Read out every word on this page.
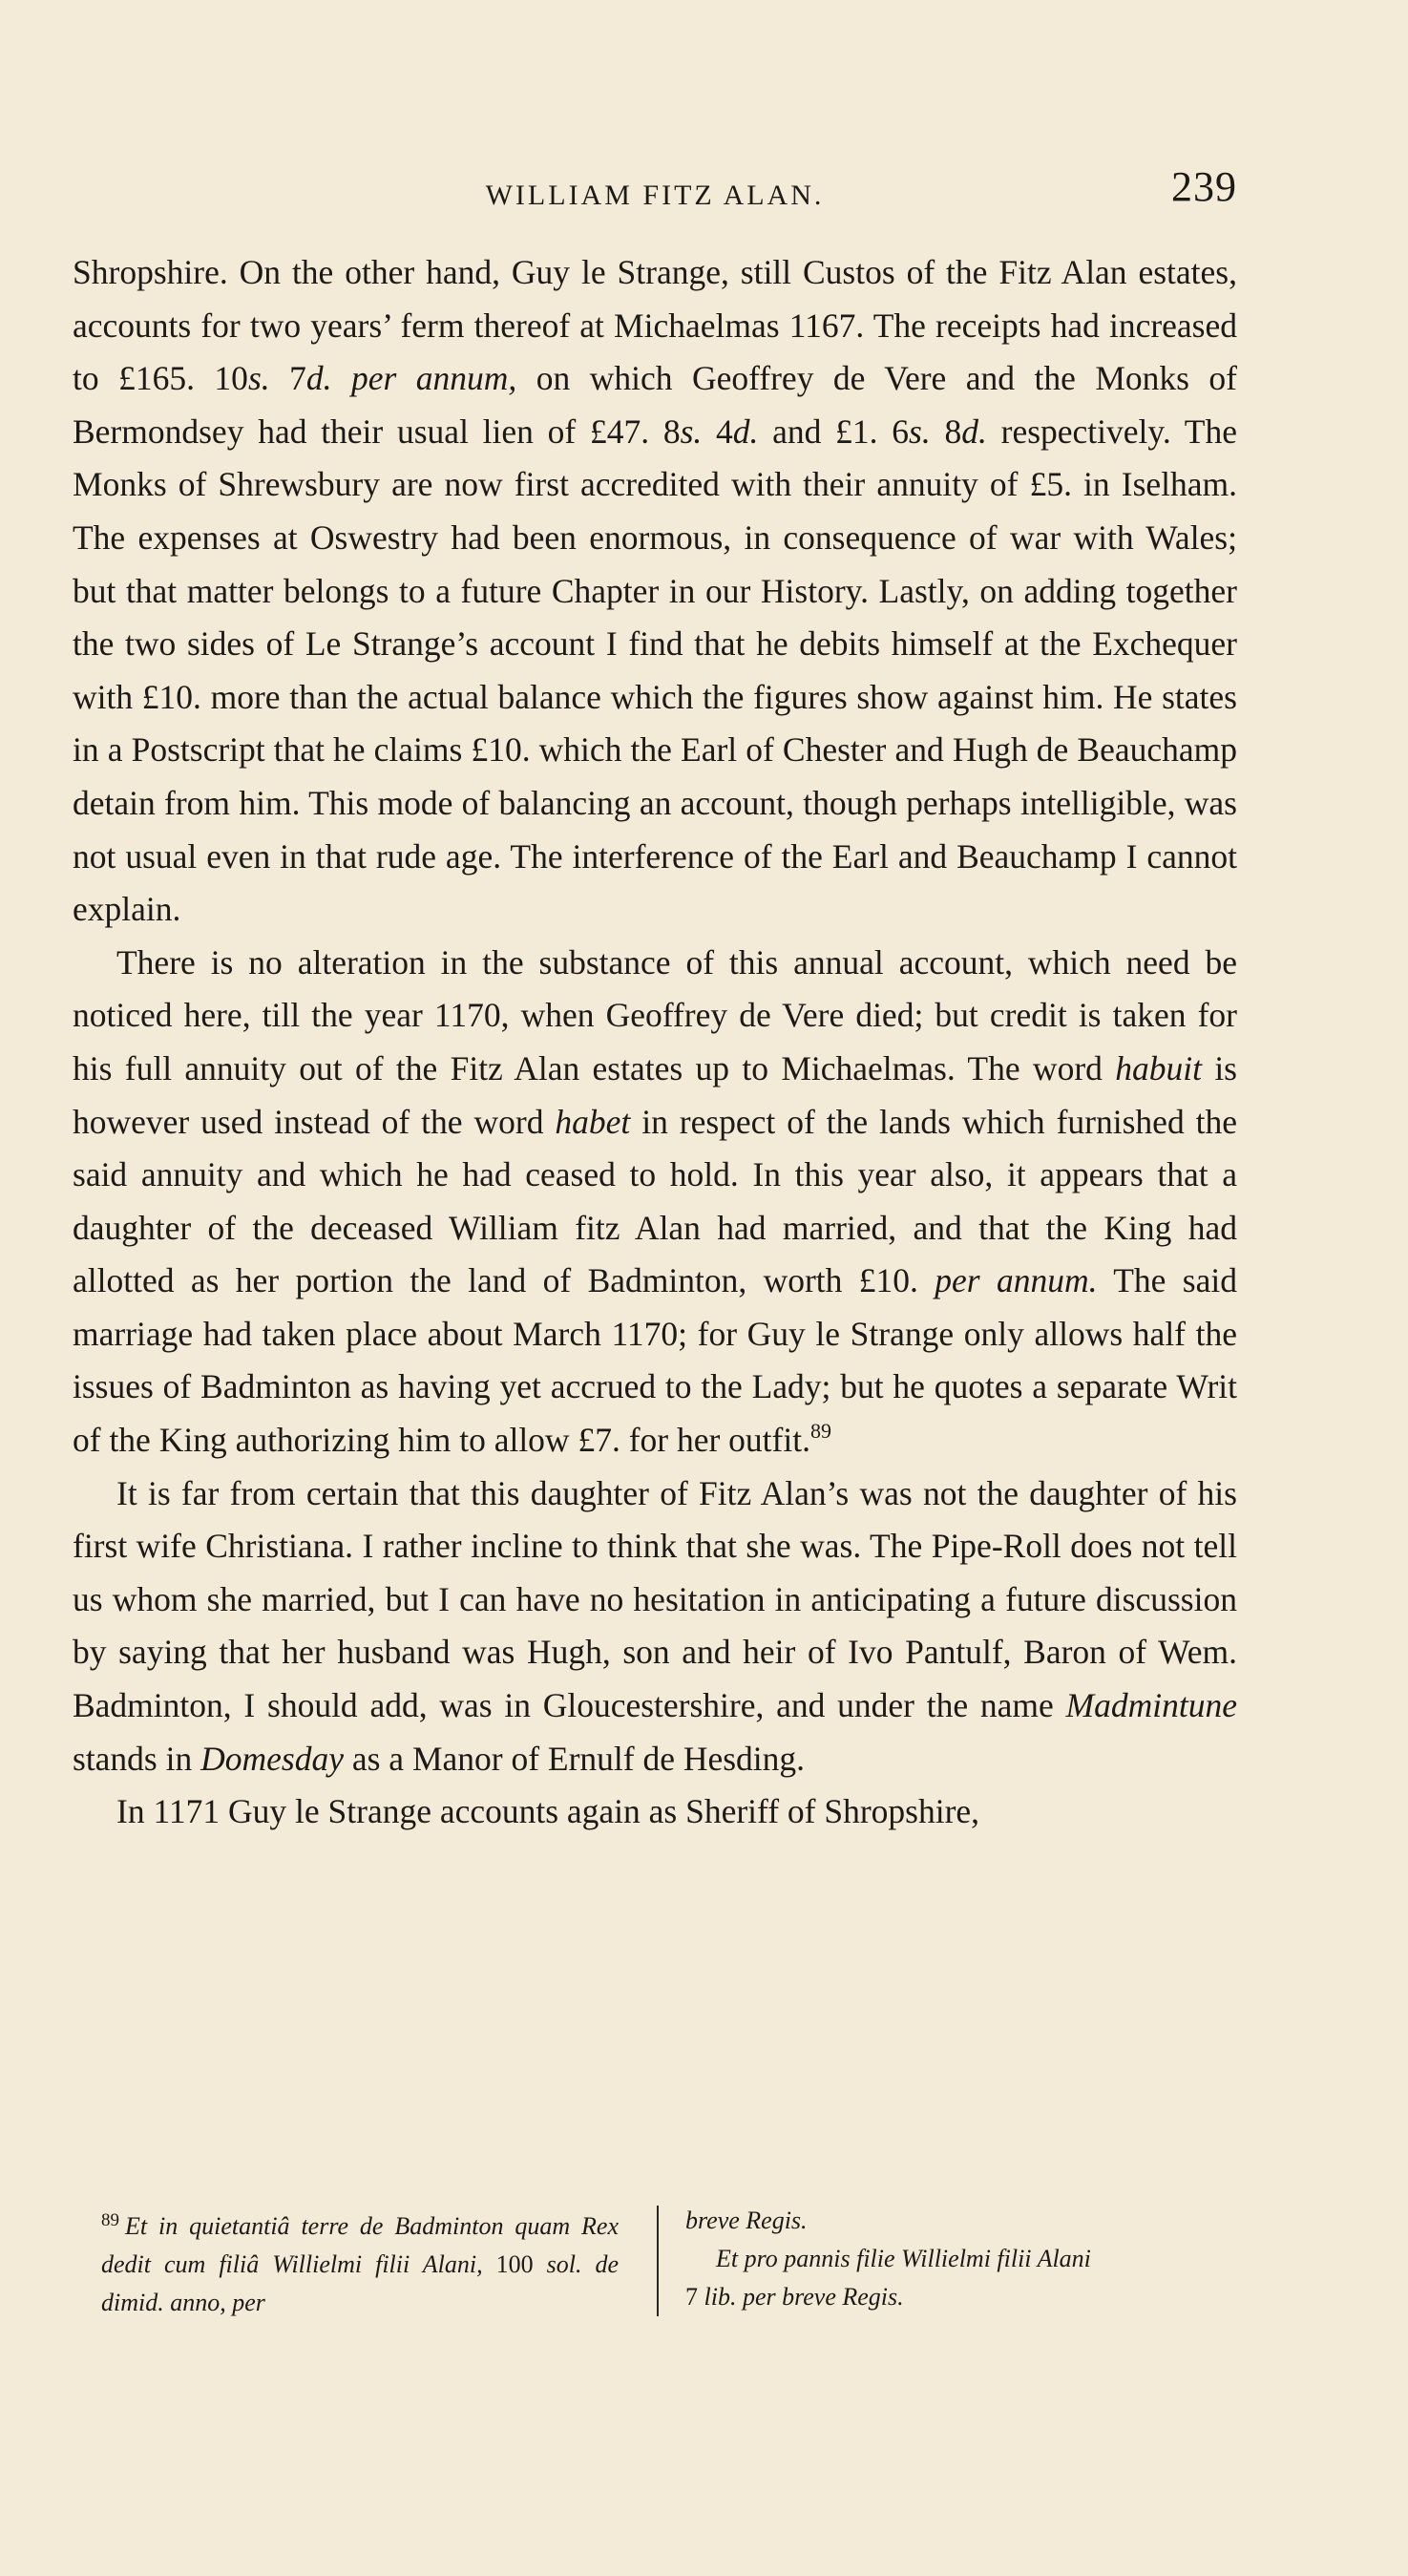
WILLIAM FITZ ALAN.	239

Shropshire. On the other hand, Guy le Strange, still Custos of the Fitz Alan estates, accounts for two years’ ferm thereof at Michaelmas 1167. The receipts had increased to £165. 10s. 7d. per annum, on which Geoffrey de Vere and the Monks of Bermondsey had their usual lien of £47. 8s. 4d. and £1. 6s. 8d. respectively. The Monks of Shrewsbury are now first accredited with their annuity of £5. in Iselham. The expenses at Oswestry had been enormous, in consequence of war with Wales; but that matter belongs to a future Chapter in our History. Lastly, on adding together the two sides of Le Strange’s account I find that he debits himself at the Exchequer with £10. more than the actual balance which the figures show against him. He states in a Postscript that he claims £10. which the Earl of Chester and Hugh de Beauchamp detain from him. This mode of balancing an account, though perhaps intelligible, was not usual even in that rude age. The interference of the Earl and Beauchamp I cannot explain.

There is no alteration in the substance of this annual account, which need be noticed here, till the year 1170, when Geoffrey de Vere died; but credit is taken for his full annuity out of the Fitz Alan estates up to Michaelmas. The word habuit is however used instead of the word habet in respect of the lands which furnished the said annuity and which he had ceased to hold. In this year also, it appears that a daughter of the deceased William fitz Alan had married, and that the King had allotted as her portion the land of Badminton, worth £10. per annum. The said marriage had taken place about March 1170; for Guy le Strange only allows half the issues of Badminton as having yet accrued to the Lady; but he quotes a separate Writ of the King authorizing him to allow £7. for her outfit.$^{89}$

It is far from certain that this daughter of Fitz Alan’s was not the daughter of his first wife Christiana. I rather incline to think that she was. The Pipe-Roll does not tell us whom she married, but I can have no hesitation in anticipating a future discussion by saying that her husband was Hugh, son and heir of Ivo Pantulf, Baron of Wem. Badminton, I should add, was in Gloucestershire, and under the name Madmintune stands in Domesday as a Manor of Ernulf de Hesding.

In 1171 Guy le Strange accounts again as Sheriff of Shropshire,

$^{89}$ Et in quietantiâ terre de Badminton quam Rex dedit cum filiâ Willielmi filii Alani, 100 sol. de dimid. anno, per
breve Regis.
Et pro pannis filie Willielmi filii Alani
7 lib. per breve Regis.
